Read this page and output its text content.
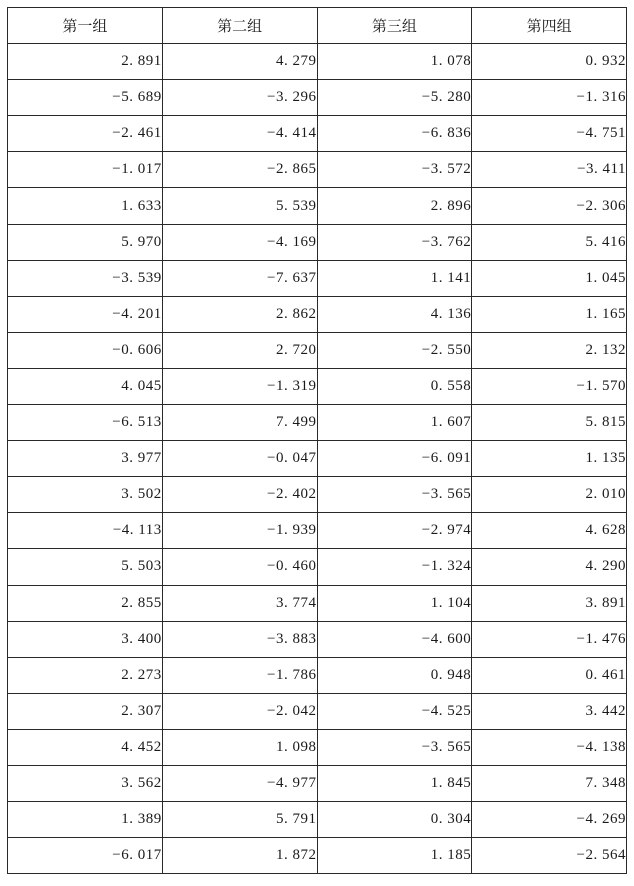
第一组	第二组	第三组	第四组
2. 891	4. 279	1. 078	0. 932
−5. 689	−3. 296	−5. 280	−1. 316
−2. 461	−4. 414	−6. 836	−4. 751
−1. 017	−2. 865	−3. 572	−3. 411
1. 633	5. 539	2. 896	−2. 306
5. 970	−4. 169	−3. 762	5. 416
−3. 539	−7. 637	1. 141	1. 045
−4. 201	2. 862	4. 136	1. 165
−0. 606	2. 720	−2. 550	2. 132
4. 045	−1. 319	0. 558	−1. 570
−6. 513	7. 499	1. 607	5. 815
3. 977	−0. 047	−6. 091	1. 135
3. 502	−2. 402	−3. 565	2. 010
−4. 113	−1. 939	−2. 974	4. 628
5. 503	−0. 460	−1. 324	4. 290
2. 855	3. 774	1. 104	3. 891
3. 400	−3. 883	−4. 600	−1. 476
2. 273	−1. 786	0. 948	0. 461
2. 307	−2. 042	−4. 525	3. 442
4. 452	1. 098	−3. 565	−4. 138
3. 562	−4. 977	1. 845	7. 348
1. 389	5. 791	0. 304	−4. 269
−6. 017	1. 872	1. 185	−2. 564
